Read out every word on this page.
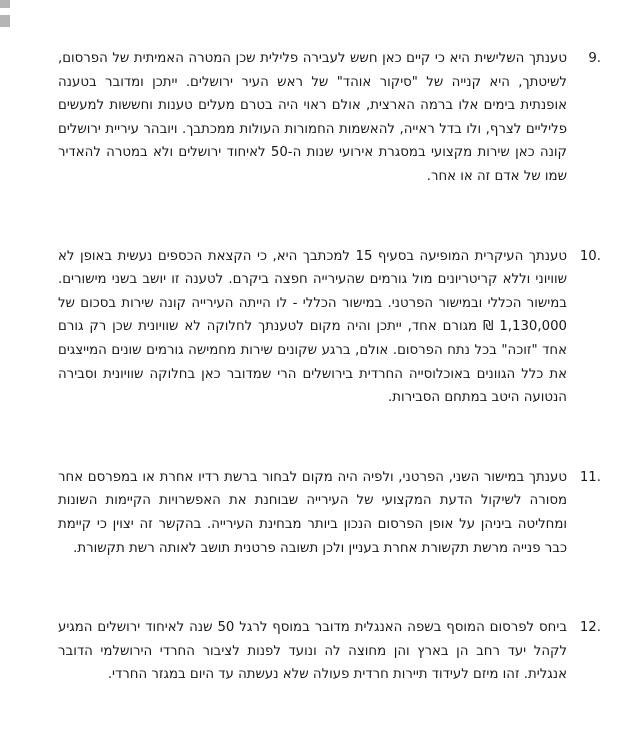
9.
טענתך השלישית היא כי קיים כאן חשש לעבירה פלילית שכן המטרה האמיתית של הפרסום, לשיטתך, היא קנייה של "סיקור אוהד" של ראש העיר ירושלים. ייתכן ומדובר בטענה אופנתית בימים אלו ברמה הארצית, אולם ראוי היה בטרם מעלים טענות וחששות למעשים פליליים לצרף, ולו בדל ראייה, להאשמות החמורות העולות ממכתבך. ויובהר עיריית ירושלים קונה כאן שירות מקצועי במסגרת אירועי שנות ה-50 לאיחוד ירושלים ולא במטרה להאדיר שמו של אדם זה או אחר.
10.
טענתך העיקרית המופיעה בסעיף 15 למכתבך היא, כי הקצאת הכספים נעשית באופן לא שוויוני וללא קריטריונים מול גורמים שהעירייה חפצה ביקרם. לטענה זו יושב בשני מישורים. במישור הכללי ובמישור הפרטני. במישור הכללי - לו הייתה העירייה קונה שירות בסכום של 1,130,000 ₪ מגורם אחד, ייתכן והיה מקום לטענתך לחלוקה לא שוויונית שכן רק גורם אחד "זוכה" בכל נתח הפרסום. אולם, ברגע שקונים שירות מחמישה גורמים שונים המייצגים את כלל הגוונים באוכלוסייה החרדית בירושלים הרי שמדובר כאן בחלוקה שוויונית וסבירה הנטועה היטב במתחם הסבירות.
11.
טענתך במישור השני, הפרטני, ולפיה היה מקום לבחור ברשת רדיו אחרת או במפרסם אחר מסורה לשיקול הדעת המקצועי של העירייה שבוחנת את האפשרויות הקיימות השונות ומחליטה ביניהן על אופן הפרסום הנכון ביותר מבחינת העירייה. בהקשר זה יצוין כי קיימת כבר פנייה מרשת תקשורת אחרת בעניין ולכן תשובה פרטנית תושב לאותה רשת תקשורת.
12.
ביחס לפרסום המוסף בשפה האנגלית מדובר במוסף לרגל 50 שנה לאיחוד ירושלים המגיע לקהל יעד רחב הן בארץ והן מחוצה לה ונועד לפנות לציבור החרדי הירושלמי הדובר אנגלית. זהו מיזם לעידוד תיירות חרדית פעולה שלא נעשתה עד היום במגזר החרדי.
